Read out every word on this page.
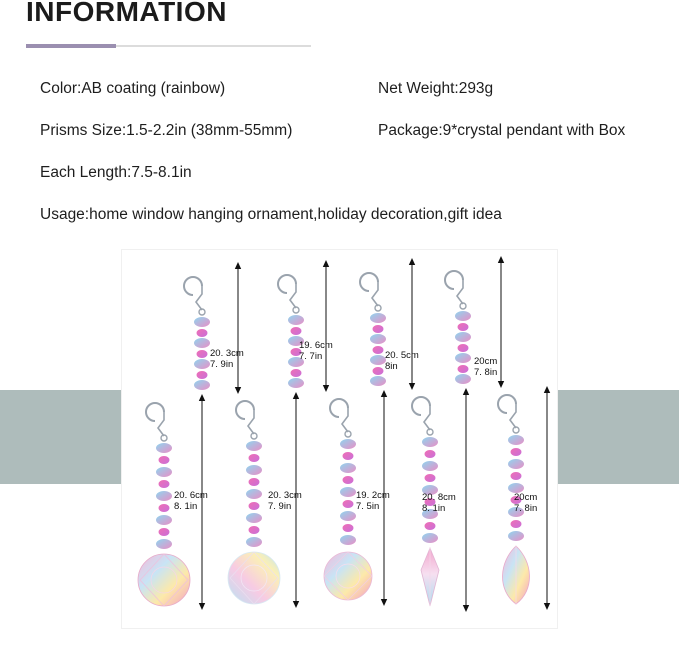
INFORMATION
Color:AB coating (rainbow)	Net Weight:293g
Prisms Size:1.5-2.2in (38mm-55mm)	Package:9*crystal pendant with Box
Each Length:7.5-8.1in
Usage:home window hanging ornament,holiday decoration,gift idea
20. 3cm
7. 9in
19. 6cm
7. 7in	20. 5cm
8in	20cm
7. 8in
20. 6cm
8. 1in
20. 3cm
7. 9in
19. 2cm
7. 5in
20. 8cm
8. 1in
20cm
7. 8in
